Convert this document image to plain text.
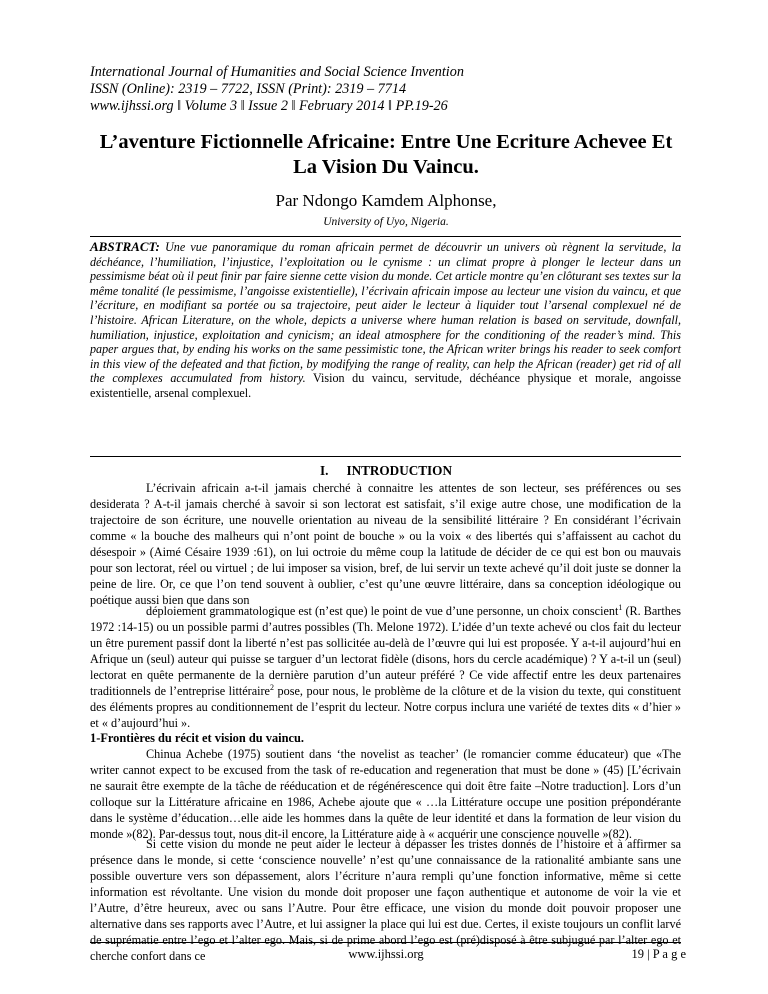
International Journal of Humanities and Social Science Invention
ISSN (Online): 2319 – 7722, ISSN (Print): 2319 – 7714
www.ijhssi.org ǁ Volume 3 ǁ Issue 2 ǁ February 2014 ǁ PP.19-26
L’aventure Fictionnelle Africaine: Entre Une Ecriture Achevee Et
La Vision Du Vaincu.
Par Ndongo Kamdem Alphonse,
University of Uyo, Nigeria.
ABSTRACT: Une vue panoramique du roman africain permet de découvrir un univers où règnent la servitude, la déchéance, l’humiliation, l’injustice, l’exploitation ou le cynisme : un climat propre à plonger le lecteur dans un pessimisme béat où il peut finir par faire sienne cette vision du monde. Cet article montre qu’en clôturant ses textes sur la même tonalité (le pessimisme, l’angoisse existentielle), l’écrivain africain impose au lecteur une vision du vaincu, et que l’écriture, en modifiant sa portée ou sa trajectoire, peut aider le lecteur à liquider tout l’arsenal complexuel né de l’histoire. African Literature, on the whole, depicts a universe where human relation is based on servitude, downfall, humiliation, injustice, exploitation and cynicism; an ideal atmosphere for the conditioning of the reader’s mind. This paper argues that, by ending his works on the same pessimistic tone, the African writer brings his reader to seek comfort in this view of the defeated and that fiction, by modifying the range of reality, can help the African (reader) get rid of all the complexes accumulated from history. Vision du vaincu, servitude, déchéance physique et morale, angoisse existentielle, arsenal complexuel.
I. INTRODUCTION

L’écrivain africain a-t-il jamais cherché à connaitre les attentes de son lecteur, ses préférences ou ses desiderata ? A-t-il jamais cherché à savoir si son lectorat est satisfait, s’il exige autre chose, une modification de la trajectoire de son écriture, une nouvelle orientation au niveau de la sensibilité littéraire ? En considérant l’écrivain comme « la bouche des malheurs qui n’ont point de bouche » ou la voix « des libertés qui s’affaissent au cachot du désespoir » (Aimé Césaire 1939 :61), on lui octroie du même coup la latitude de décider de ce qui est bon ou mauvais pour son lectorat, réel ou virtuel ; de lui imposer sa vision, bref, de lui servir un texte achevé qu’il doit juste se donner la peine de lire. Or, ce que l’on tend souvent à oublier, c’est qu’une œuvre littéraire, dans sa conception idéologique ou poétique aussi bien que dans son

déploiement grammatologique est (n’est que) le point de vue d’une personne, un choix conscient$^1$ (R. Barthes 1972 :14-15) ou un possible parmi d’autres possibles (Th. Melone 1972). L’idée d’un texte achevé ou clos fait du lecteur un être purement passif dont la liberté n’est pas sollicitée au-delà de l’œuvre qui lui est proposée. Y a-t-il aujourd’hui en Afrique un (seul) auteur qui puisse se targuer d’un lectorat fidèle (disons, hors du cercle académique) ? Y a-t-il un (seul) lectorat en quête permanente de la dernière parution d’un auteur préféré ? Ce vide affectif entre les deux partenaires traditionnels de l’entreprise littéraire$^2$ pose, pour nous, le problème de la clôture et de la vision du texte, qui constituent des éléments propres au conditionnement de l’esprit du lecteur. Notre corpus inclura une variété de textes dits « d’hier » et « d’aujourd’hui ».

1-Frontières du récit et vision du vaincu.

Chinua Achebe (1975) soutient dans ‘the novelist as teacher’ (le romancier comme éducateur) que «The writer cannot expect to be excused from the task of re-education and regeneration that must be done » (45) [L’écrivain ne saurait être exempte de la tâche de rééducation et de régénérescence qui doit être faite –Notre traduction]. Lors d’un colloque sur la Littérature africaine en 1986, Achebe ajoute que « …la Littérature occupe une position prépondérante dans le système d’éducation…elle aide les hommes dans la quête de leur identité et dans la formation de leur vision du monde »(82). Par-dessus tout, nous dit-il encore, la Littérature aide à « acquérir une conscience nouvelle »(82).

Si cette vision du monde ne peut aider le lecteur à dépasser les tristes donnés de l’histoire et à affirmer sa présence dans le monde, si cette ‘conscience nouvelle’ n’est qu’une connaissance de la rationalité ambiante sans une possible ouverture vers son dépassement, alors l’écriture n’aura rempli qu’une fonction informative, même si cette information est révoltante. Une vision du monde doit proposer une façon authentique et autonome de voir la vie et l’Autre, d’être heureux, avec ou sans l’Autre. Pour être efficace, une vision du monde doit pouvoir proposer une alternative dans ses rapports avec l’Autre, et lui assigner la place qui lui est due. Certes, il existe toujours un conflit larvé de suprématie entre l’ego et l’alter ego. Mais, si de prime abord l’ego est (pré)disposé à être subjugué par l’alter ego et cherche confort dans ce	www.ijhssi.org	19 | P a g e
